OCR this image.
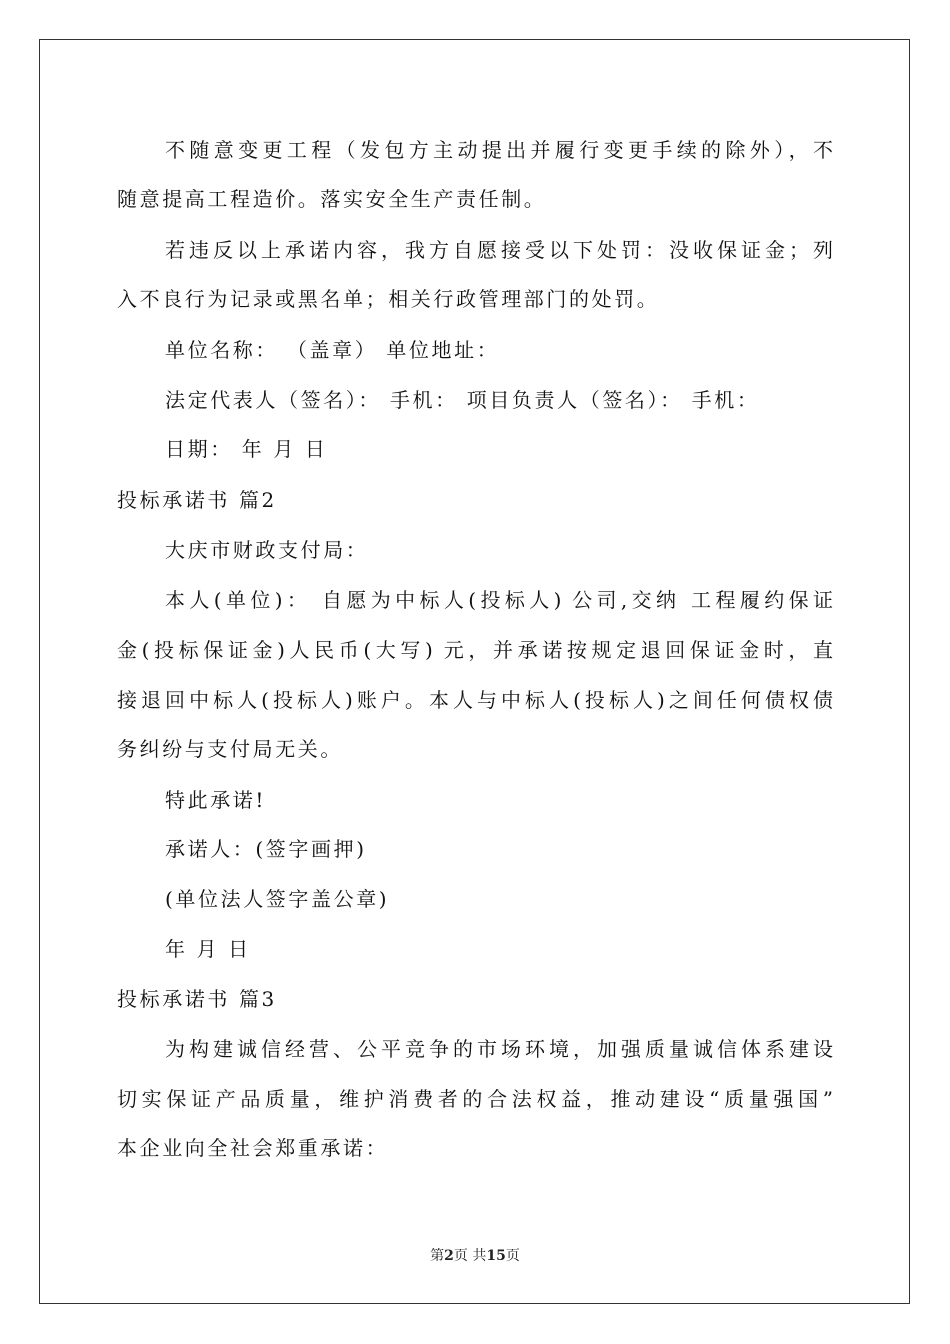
不随意变更工程（发包方主动提出并履行变更手续的除外），不
随意提高工程造价。落实安全生产责任制。
若违反以上承诺内容，我方自愿接受以下处罚：没收保证金；列
入不良行为记录或黑名单；相关行政管理部门的处罚。
单位名称： （盖章） 单位地址：
法定代表人（签名）： 手机： 项目负责人（签名）： 手机：
日期： 年 月 日
投标承诺书 篇2
大庆市财政支付局：
本人(单位)： 自愿为中标人(投标人) 公司,交纳 工程履约保证
金(投标保证金)人民币(大写) 元，并承诺按规定退回保证金时，直
接退回中标人(投标人)账户。本人与中标人(投标人)之间任何债权债
务纠纷与支付局无关。
特此承诺!
承诺人：(签字画押)
(单位法人签字盖公章)
年 月 日
投标承诺书 篇3
为构建诚信经营、公平竞争的市场环境，加强质量诚信体系建设
切实保证产品质量，维护消费者的合法权益，推动建设“质量强国”
本企业向全社会郑重承诺：
第2页 共15页
